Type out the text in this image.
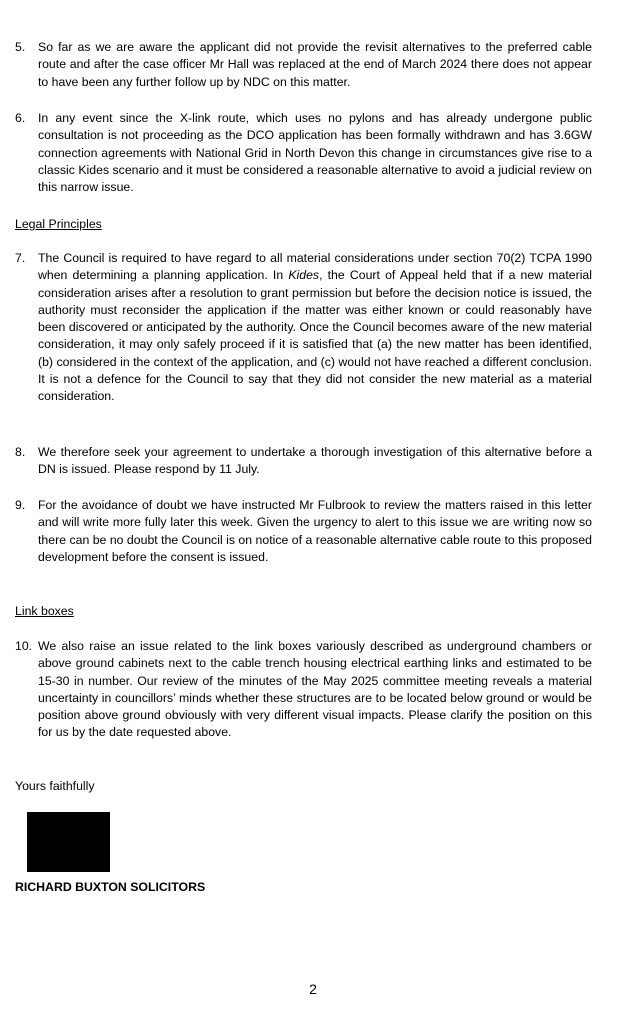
5. So far as we are aware the applicant did not provide the revisit alternatives to the preferred cable route and after the case officer Mr Hall was replaced at the end of March 2024 there does not appear to have been any further follow up by NDC on this matter.
6. In any event since the X-link route, which uses no pylons and has already undergone public consultation is not proceeding as the DCO application has been formally withdrawn and has 3.6GW connection agreements with National Grid in North Devon this change in circumstances give rise to a classic Kides scenario and it must be considered a reasonable alternative to avoid a judicial review on this narrow issue.
Legal Principles
7. The Council is required to have regard to all material considerations under section 70(2) TCPA 1990 when determining a planning application. In Kides, the Court of Appeal held that if a new material consideration arises after a resolution to grant permission but before the decision notice is issued, the authority must reconsider the application if the matter was either known or could reasonably have been discovered or anticipated by the authority. Once the Council becomes aware of the new material consideration, it may only safely proceed if it is satisfied that (a) the new matter has been identified, (b) considered in the context of the application, and (c) would not have reached a different conclusion. It is not a defence for the Council to say that they did not consider the new material as a material consideration.
8. We therefore seek your agreement to undertake a thorough investigation of this alternative before a DN is issued. Please respond by 11 July.
9. For the avoidance of doubt we have instructed Mr Fulbrook to review the matters raised in this letter and will write more fully later this week. Given the urgency to alert to this issue we are writing now so there can be no doubt the Council is on notice of a reasonable alternative cable route to this proposed development before the consent is issued.
Link boxes
10. We also raise an issue related to the link boxes variously described as underground chambers or above ground cabinets next to the cable trench housing electrical earthing links and estimated to be 15-30 in number. Our review of the minutes of the May 2025 committee meeting reveals a material uncertainty in councillors’ minds whether these structures are to be located below ground or would be position above ground obviously with very different visual impacts. Please clarify the position on this for us by the date requested above.
Yours faithfully
RICHARD BUXTON SOLICITORS
2
